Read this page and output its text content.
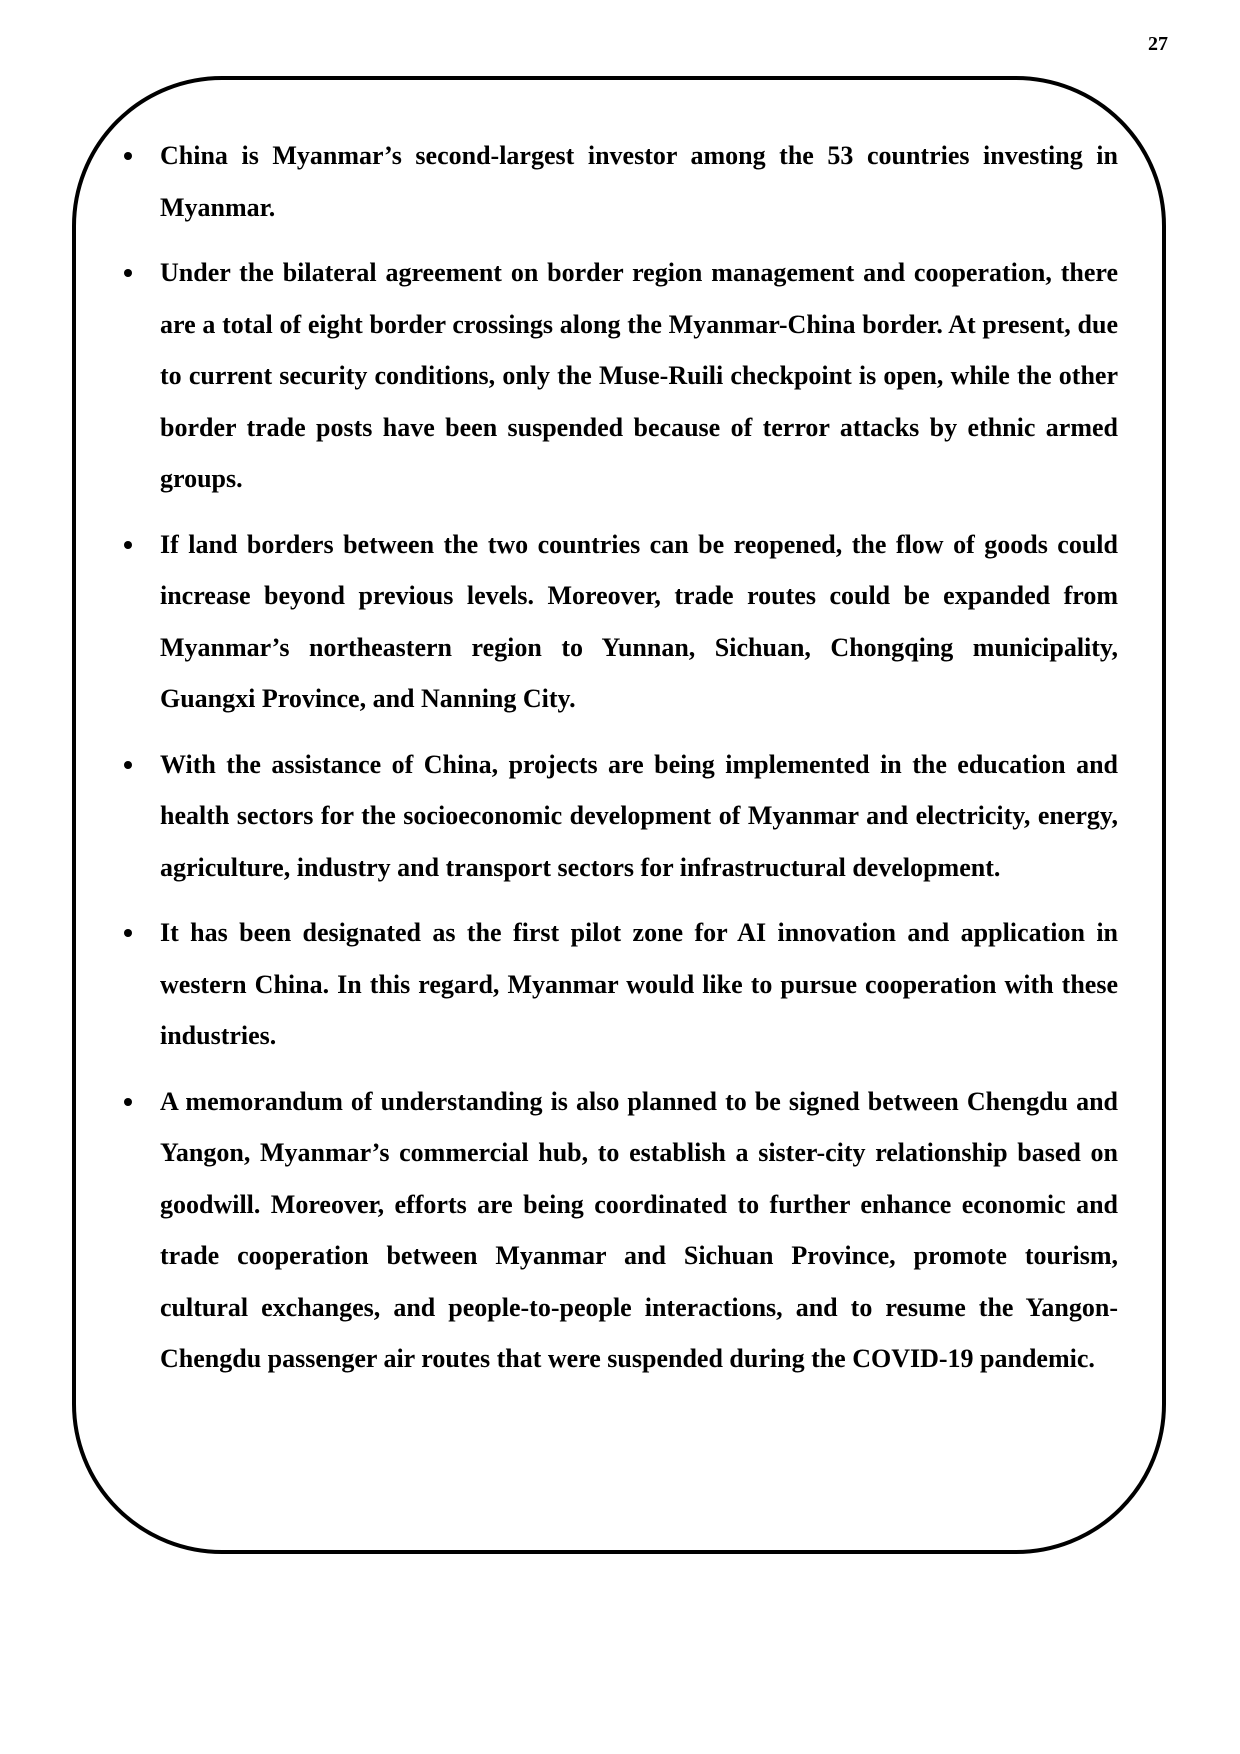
27
China is Myanmar’s second-largest investor among the 53 countries investing in Myanmar.
Under the bilateral agreement on border region management and cooperation, there are a total of eight border crossings along the Myanmar-China border. At present, due to current security conditions, only the Muse-Ruili checkpoint is open, while the other border trade posts have been suspended because of terror attacks by ethnic armed groups.
If land borders between the two countries can be reopened, the flow of goods could increase beyond previous levels. Moreover, trade routes could be expanded from Myanmar’s northeastern region to Yunnan, Sichuan, Chongqing municipality, Guangxi Province, and Nanning City.
With the assistance of China, projects are being implemented in the education and health sectors for the socioeconomic development of Myanmar and electricity, energy, agriculture, industry and transport sectors for infrastructural development.
It has been designated as the first pilot zone for AI innovation and application in western China. In this regard, Myanmar would like to pursue cooperation with these industries.
A memorandum of understanding is also planned to be signed between Chengdu and Yangon, Myanmar’s commercial hub, to establish a sister-city relationship based on goodwill. Moreover, efforts are being coordinated to further enhance economic and trade cooperation between Myanmar and Sichuan Province, promote tourism, cultural exchanges, and people-to-people interactions, and to resume the Yangon-Chengdu passenger air routes that were suspended during the COVID-19 pandemic.
